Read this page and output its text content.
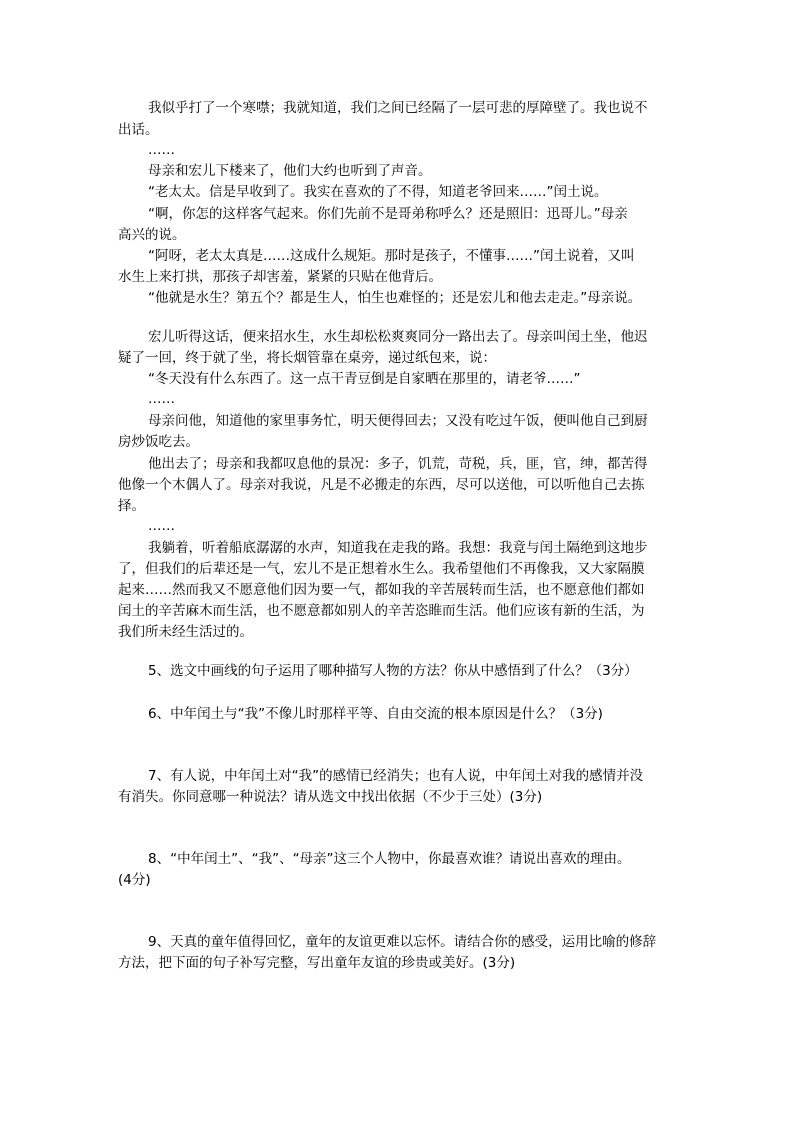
我似乎打了一个寒噤；我就知道，我们之间已经隔了一层可悲的厚障壁了。我也说不
出话。
……
母亲和宏儿下楼来了，他们大约也听到了声音。
“老太太。信是早收到了。我实在喜欢的了不得，知道老爷回来……”闰土说。
“啊，你怎的这样客气起来。你们先前不是哥弟称呼么？还是照旧：迅哥儿。”母亲
高兴的说。
“阿呀，老太太真是……这成什么规矩。那时是孩子，不懂事……”闰土说着，又叫
水生上来打拱，那孩子却害羞，紧紧的只贴在他背后。
“他就是水生？第五个？都是生人，怕生也难怪的；还是宏儿和他去走走。”母亲说。
宏儿听得这话，便来招水生，水生却松松爽爽同分一路出去了。母亲叫闰土坐，他迟
疑了一回，终于就了坐，将长烟管靠在桌旁，递过纸包来，说：
“冬天没有什么东西了。这一点干青豆倒是自家晒在那里的，请老爷……”
……
母亲问他，知道他的家里事务忙，明天便得回去；又没有吃过午饭，便叫他自己到厨
房炒饭吃去。
他出去了；母亲和我都叹息他的景况：多子，饥荒，苛税，兵，匪，官，绅，都苦得
他像一个木偶人了。母亲对我说，凡是不必搬走的东西，尽可以送他，可以听他自己去拣
择。
……
我躺着，听着船底潺潺的水声，知道我在走我的路。我想：我竟与闰土隔绝到这地步
了，但我们的后辈还是一气，宏儿不是正想着水生么。我希望他们不再像我，又大家隔膜
起来……然而我又不愿意他们因为要一气，都如我的辛苦展转而生活，也不愿意他们都如
闰土的辛苦麻木而生活，也不愿意都如别人的辛苦恣睢而生活。他们应该有新的生活，为
我们所未经生活过的。
5、选文中画线的句子运用了哪种描写人物的方法？你从中感悟到了什么？（3分）
6、中年闰土与“我”不像儿时那样平等、自由交流的根本原因是什么？（3分)
7、有人说，中年闰土对“我”的感情已经消失；也有人说，中年闰土对我的感情并没
有消失。你同意哪一种说法？请从选文中找出依据（不少于三处）(3分)
8、“中年闰土”、“我”、“母亲”这三个人物中，你最喜欢谁？请说出喜欢的理由。
(4分)
9、天真的童年值得回忆，童年的友谊更难以忘怀。请结合你的感受，运用比喻的修辞
方法，把下面的句子补写完整，写出童年友谊的珍贵或美好。(3分)
